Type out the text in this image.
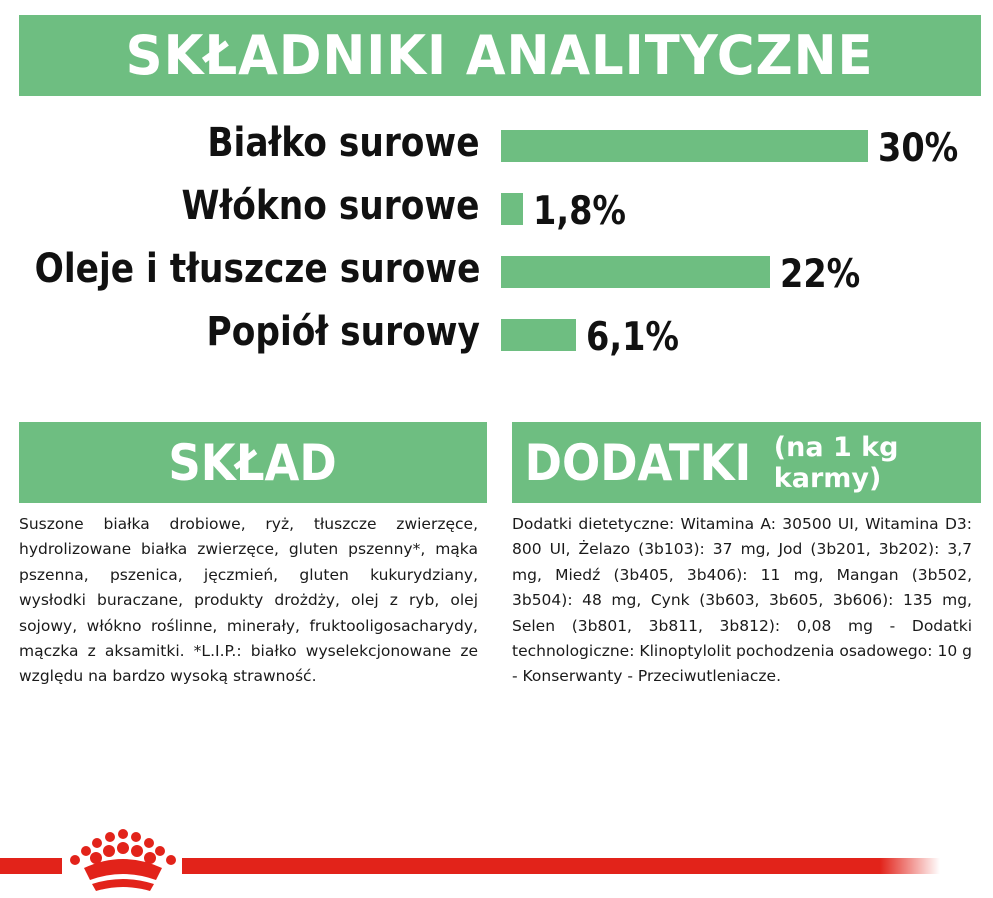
SKŁADNIKI ANALITYCZNE
Białko surowe	30%
Włókno surowe 1,8%
Oleje i tłuszcze surowe	22%
Popiół surowy	6,1%
SKŁAD
Suszone białka drobiowe, ryż, tłuszcze zwierzęce, hydrolizowane białka zwierzęce, gluten pszenny*, mąka pszenna, pszenica, jęczmień, gluten kukurydziany, wysłodki buraczane, produkty drożdży, olej z ryb, olej sojowy, włókno roślinne, minerały, fruktooligosacharydy, mączka z aksamitki. *L.I.P.: białko wyselekcjonowane ze względu na bardzo wysoką strawność.
DODATKI (na 1 kg karmy)
Dodatki dietetyczne: Witamina A: 30500 UI, Witamina D3: 800 UI, Żelazo (3b103): 37 mg, Jod (3b201, 3b202): 3,7 mg, Miedź (3b405, 3b406): 11 mg, Mangan (3b502, 3b504): 48 mg, Cynk (3b603, 3b605, 3b606): 135 mg, Selen (3b801, 3b811, 3b812): 0,08 mg - Dodatki technologiczne: Klinoptylolit pochodzenia osadowego: 10 g - Konserwanty - Przeciwutleniacze.
